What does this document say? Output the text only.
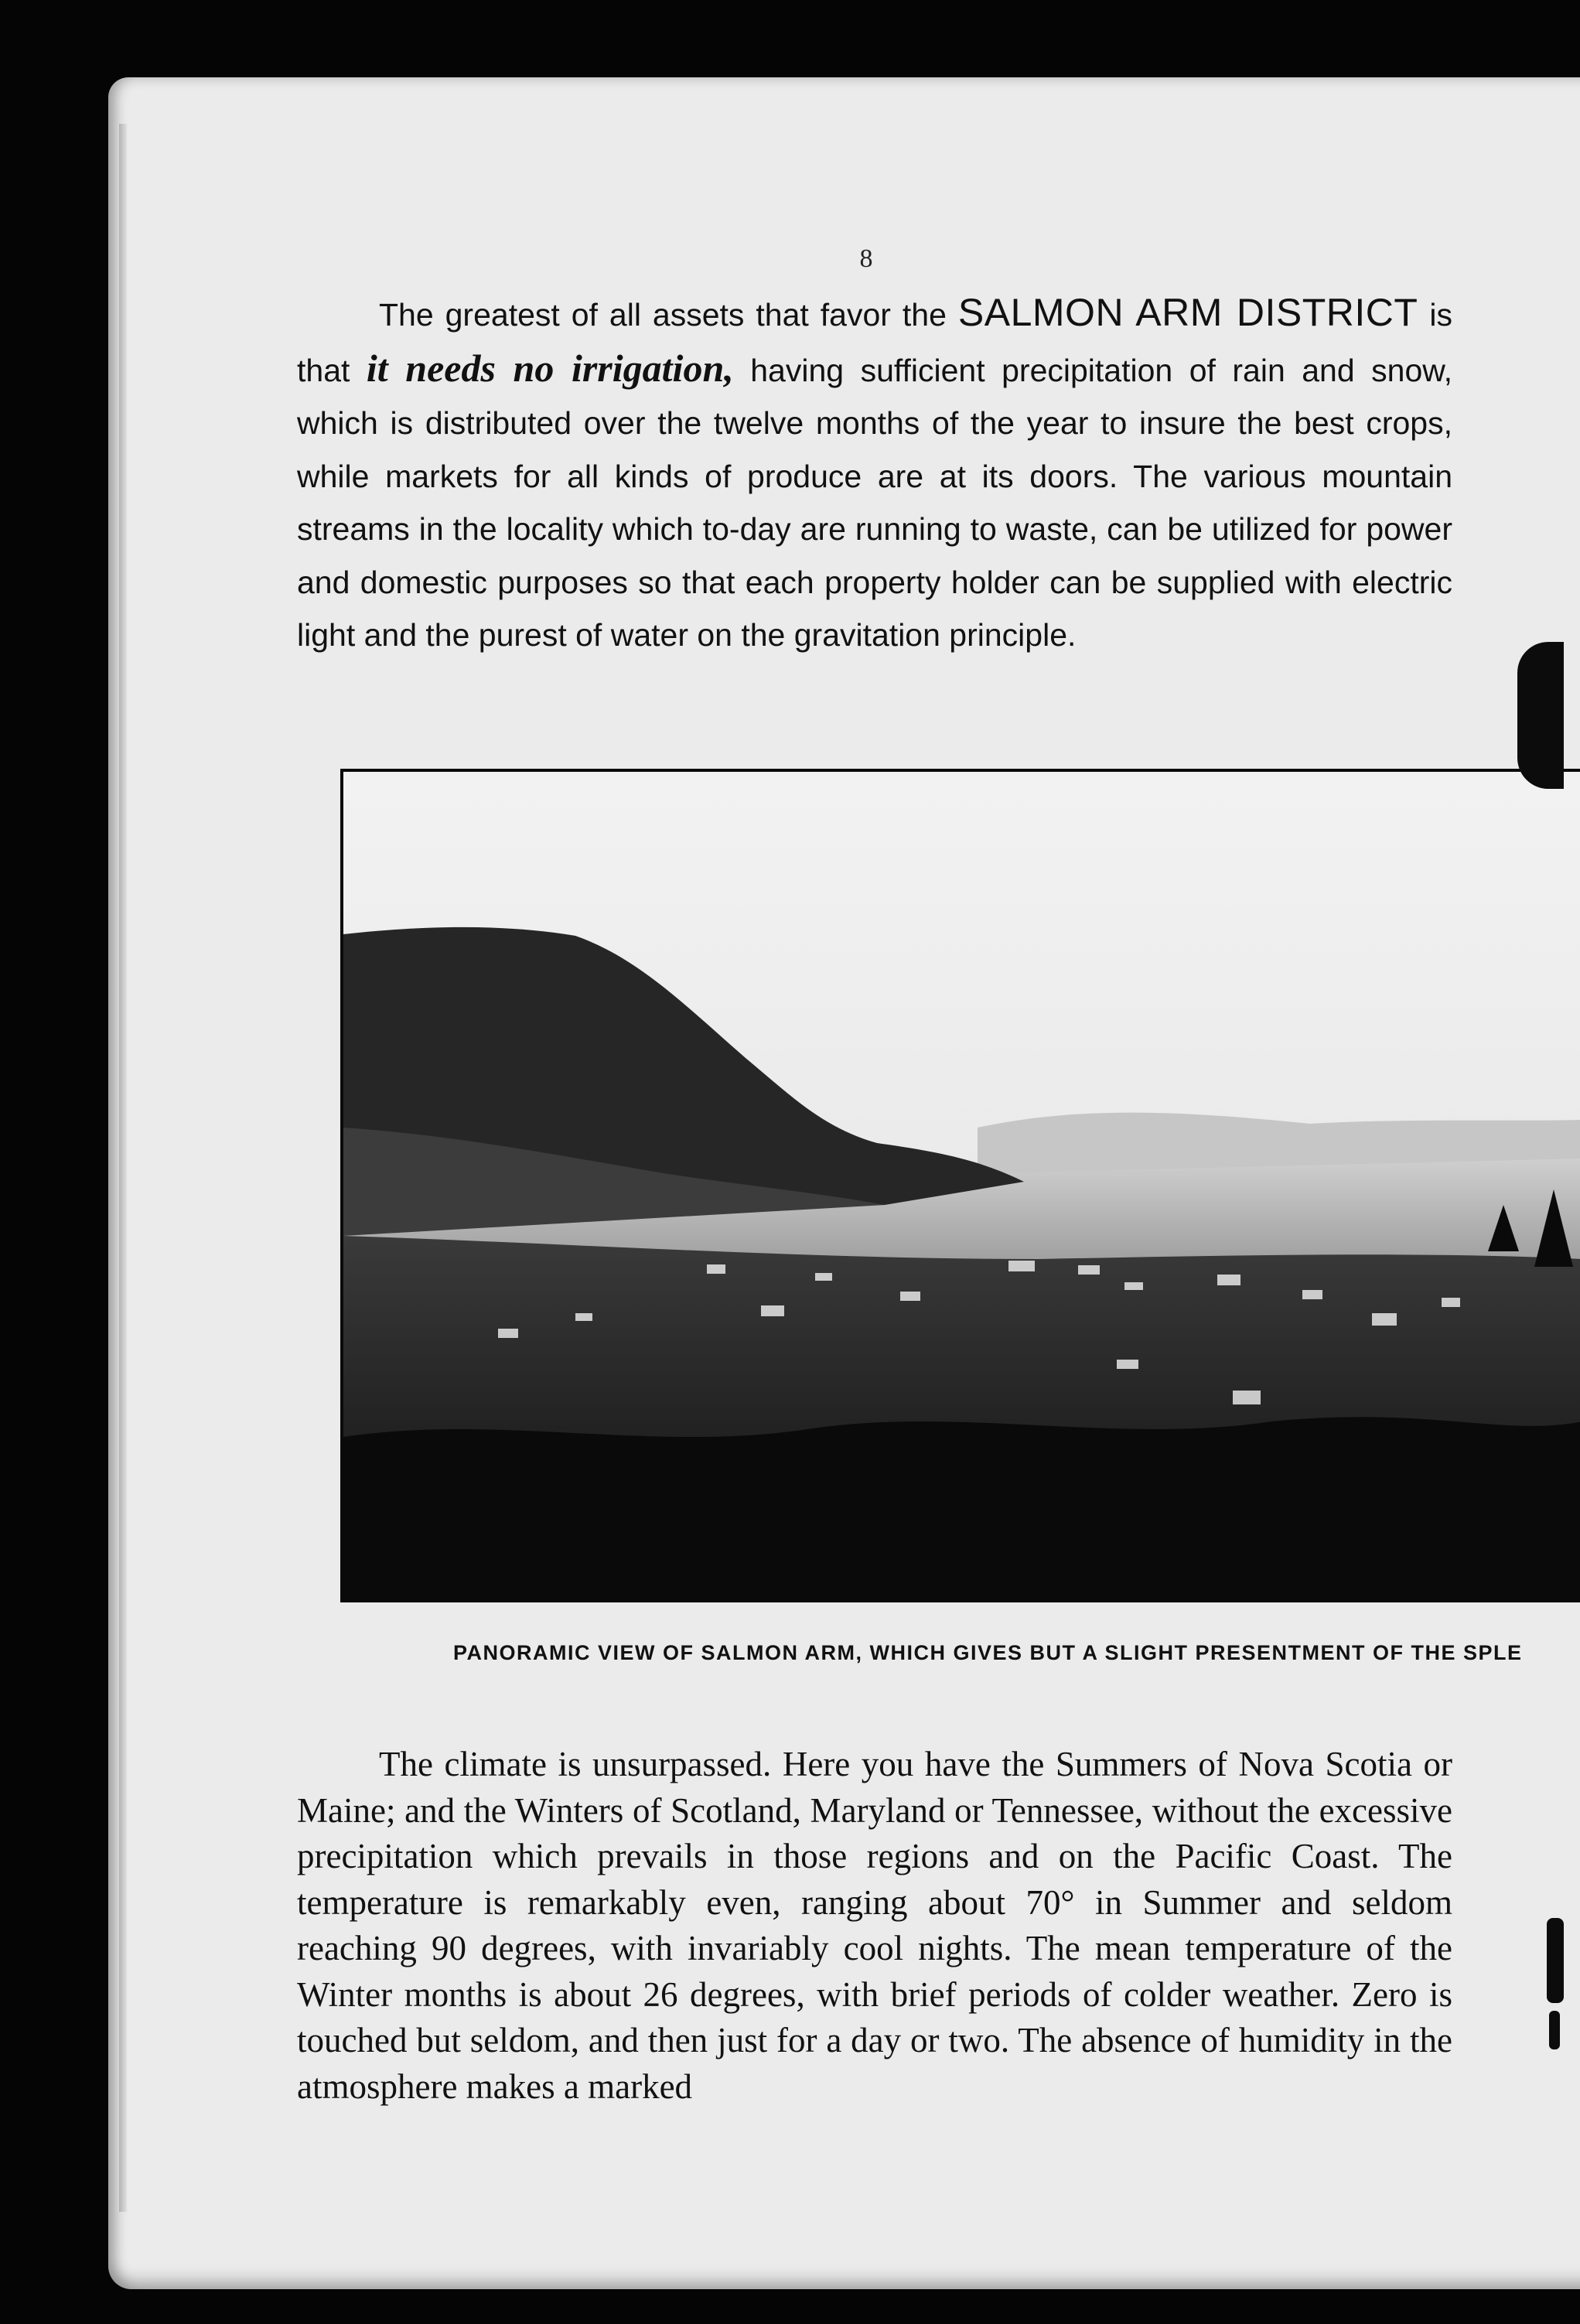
8

The greatest of all assets that favor the SALMON ARM DISTRICT is that it needs no irrigation, having sufficient precipitation of rain and snow, which is distributed over the twelve months of the year to insure the best crops, while markets for all kinds of produce are at its doors. The various mountain streams in the locality which to-day are running to waste, can be utilized for power and domestic purposes so that each property holder can be supplied with electric light and the purest of water on the gravitation principle.

PANORAMIC VIEW OF SALMON ARM, WHICH GIVES BUT A SLIGHT PRESENTMENT OF THE SPLE

The climate is unsurpassed. Here you have the Summers of Nova Scotia or Maine; and the Winters of Scotland, Maryland or Tennessee, without the excessive precipitation which prevails in those regions and on the Pacific Coast. The temperature is remarkably even, ranging about 70° in Summer and seldom reaching 90 degrees, with invariably cool nights. The mean temperature of the Winter months is about 26 degrees, with brief periods of colder weather. Zero is touched but seldom, and then just for a day or two. The absence of humidity in the atmosphere makes a marked
